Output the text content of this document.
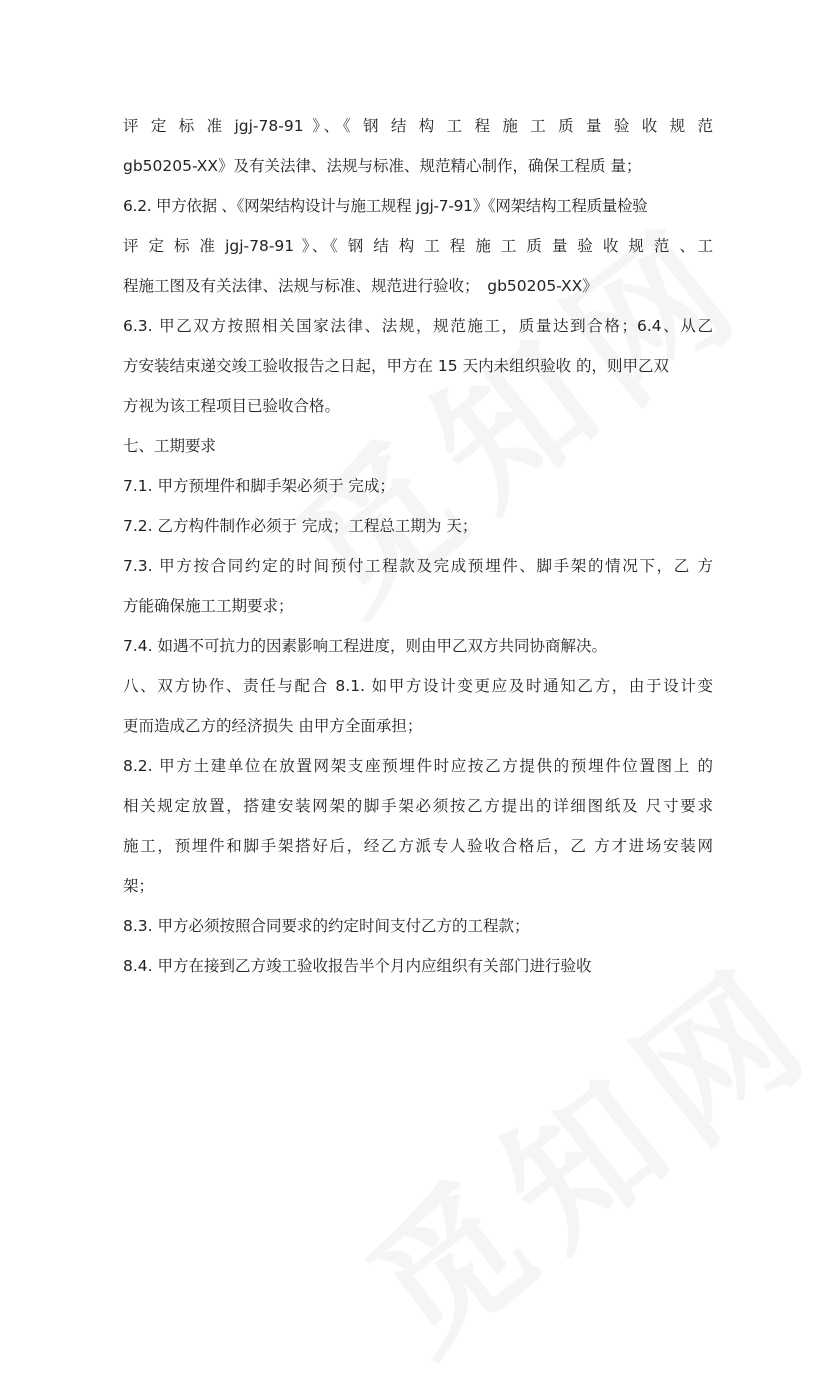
评 定 标 准 jgj-78-91 》、《 钢 结 构 工 程 施 工 质 量 验 收 规 范
gb50205-XX》及有关法律、法规与标准、规范精心制作，确保工程质 量；
6.2. 甲方依据 、《网架结构设计与施工规程 jgj-7-91》《网架结构工程质量检验
评 定 标 准 jgj-78-91 》、《 钢 结 构 工 程 施 工 质 量 验 收 规 范 、工
程施工图及有关法律、法规与标准、规范进行验收；　gb50205-XX》
6.3. 甲乙双方按照相关国家法律、法规，规范施工，质量达到合格；6.4、从乙
方安装结束递交竣工验收报告之日起，甲方在 15 天内未组织验收 的，则甲乙双
方视为该工程项目已验收合格。
七、工期要求
7.1. 甲方预埋件和脚手架必须于 完成；
7.2. 乙方构件制作必须于 完成；工程总工期为 天；
7.3. 甲方按合同约定的时间预付工程款及完成预埋件、脚手架的情况下，乙 方
方能确保施工工期要求；
7.4. 如遇不可抗力的因素影响工程进度，则由甲乙双方共同协商解决。
八、双方协作、责任与配合 8.1. 如甲方设计变更应及时通知乙方，由于设计变
更而造成乙方的经济损失 由甲方全面承担；
8.2. 甲方土建单位在放置网架支座预埋件时应按乙方提供的预埋件位置图上 的
相关规定放置，搭建安装网架的脚手架必须按乙方提出的详细图纸及 尺寸要求
施工，预埋件和脚手架搭好后，经乙方派专人验收合格后，乙 方才进场安装网
架；
8.3. 甲方必须按照合同要求的约定时间支付乙方的工程款；
8.4. 甲方在接到乙方竣工验收报告半个月内应组织有关部门进行验收
